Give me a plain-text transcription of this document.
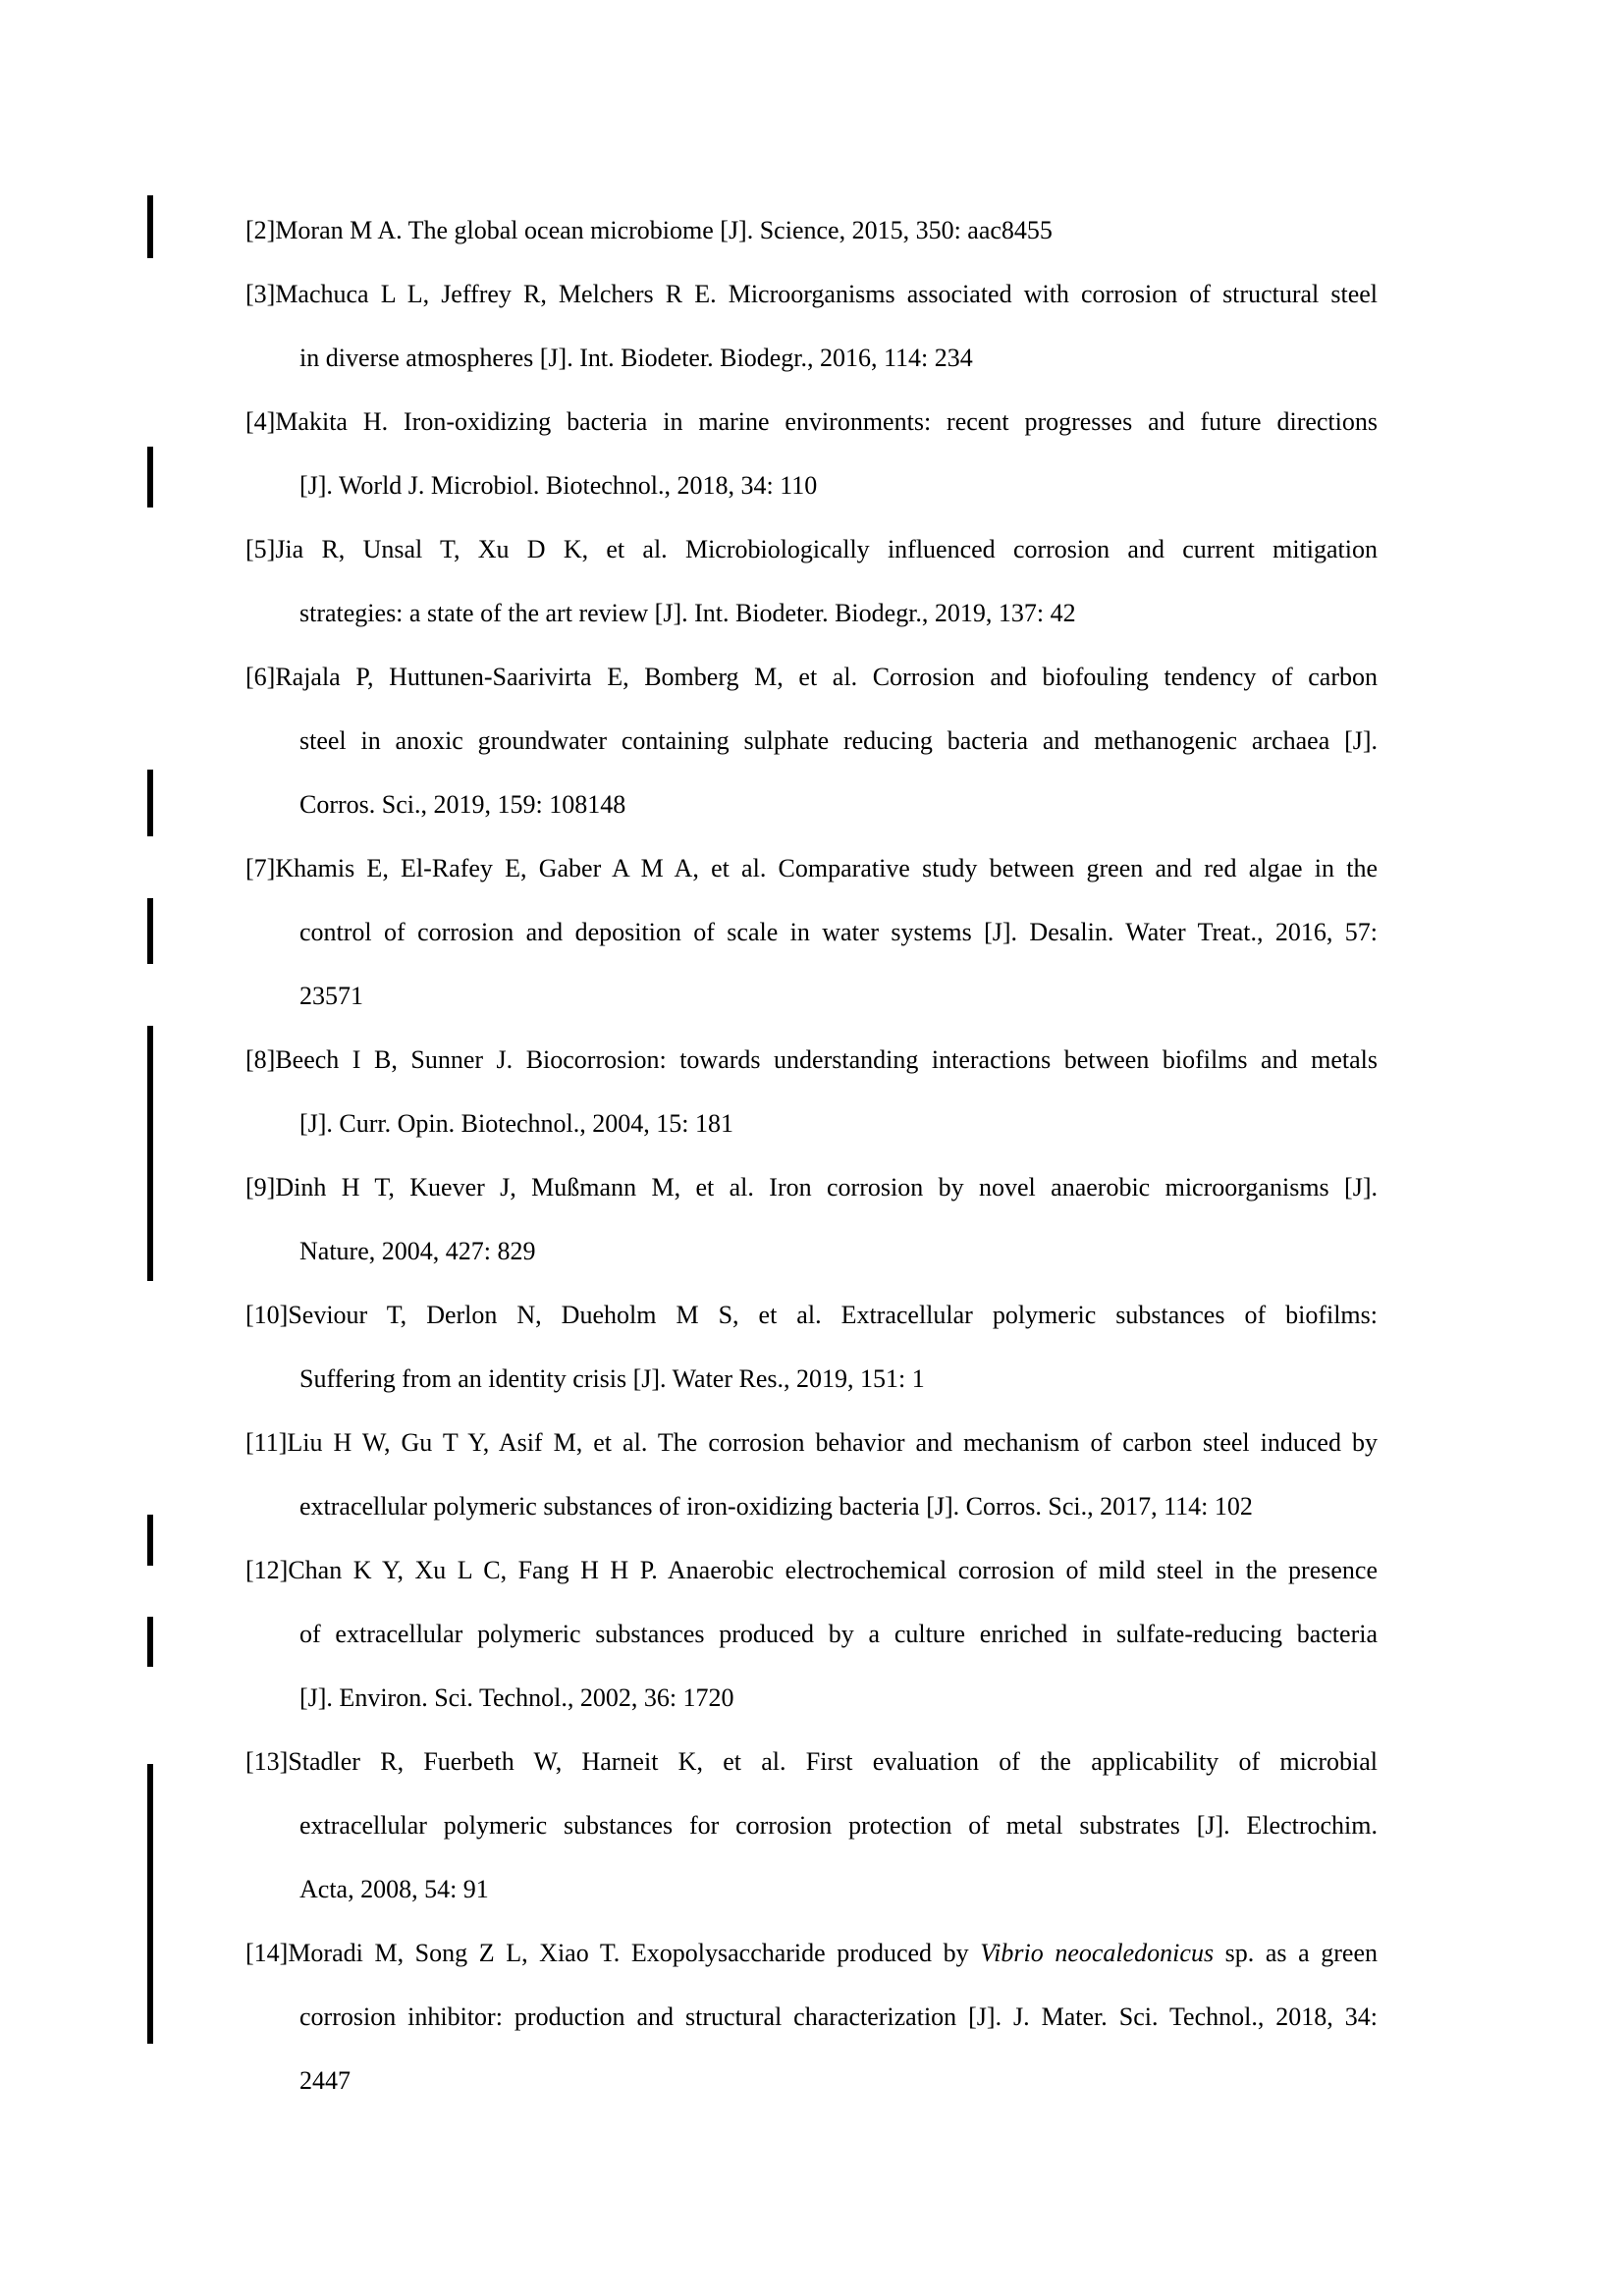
[2]Moran M A. The global ocean microbiome [J]. Science, 2015, 350: aac8455
[3]Machuca L L, Jeffrey R, Melchers R E. Microorganisms associated with corrosion of structural steel
in diverse atmospheres [J]. Int. Biodeter. Biodegr., 2016, 114: 234
[4]Makita H. Iron-oxidizing bacteria in marine environments: recent progresses and future directions
[J]. World J. Microbiol. Biotechnol., 2018, 34: 110
[5]Jia R, Unsal T, Xu D K, et al. Microbiologically influenced corrosion and current mitigation
strategies: a state of the art review [J]. Int. Biodeter. Biodegr., 2019, 137: 42
[6]Rajala P, Huttunen-Saarivirta E, Bomberg M, et al. Corrosion and biofouling tendency of carbon
steel in anoxic groundwater containing sulphate reducing bacteria and methanogenic archaea [J].
Corros. Sci., 2019, 159: 108148
[7]Khamis E, El-Rafey E, Gaber A M A, et al. Comparative study between green and red algae in the
control of corrosion and deposition of scale in water systems [J]. Desalin. Water Treat., 2016, 57:
23571
[8]Beech I B, Sunner J. Biocorrosion: towards understanding interactions between biofilms and metals
[J]. Curr. Opin. Biotechnol., 2004, 15: 181
[9]Dinh H T, Kuever J, Mußmann M, et al. Iron corrosion by novel anaerobic microorganisms [J].
Nature, 2004, 427: 829
[10]Seviour T, Derlon N, Dueholm M S, et al. Extracellular polymeric substances of biofilms:
Suffering from an identity crisis [J]. Water Res., 2019, 151: 1
[11]Liu H W, Gu T Y, Asif M, et al. The corrosion behavior and mechanism of carbon steel induced by
extracellular polymeric substances of iron-oxidizing bacteria [J]. Corros. Sci., 2017, 114: 102
[12]Chan K Y, Xu L C, Fang H H P. Anaerobic electrochemical corrosion of mild steel in the presence
of extracellular polymeric substances produced by a culture enriched in sulfate-reducing bacteria
[J]. Environ. Sci. Technol., 2002, 36: 1720
[13]Stadler R, Fuerbeth W, Harneit K, et al. First evaluation of the applicability of microbial
extracellular polymeric substances for corrosion protection of metal substrates [J]. Electrochim.
Acta, 2008, 54: 91
[14]Moradi M, Song Z L, Xiao T. Exopolysaccharide produced by Vibrio neocaledonicus sp. as a green
corrosion inhibitor: production and structural characterization [J]. J. Mater. Sci. Technol., 2018, 34:
2447
